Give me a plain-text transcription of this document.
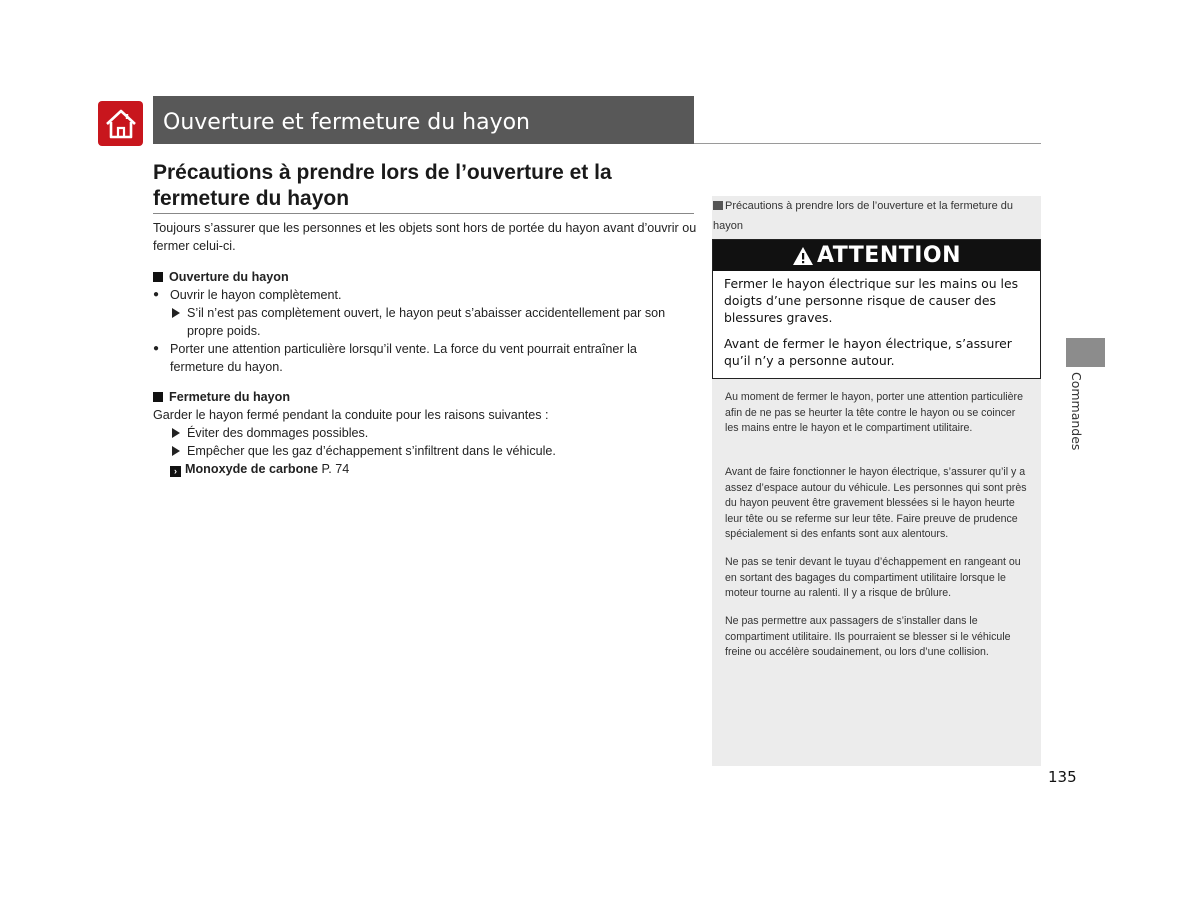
Ouverture et fermeture du hayon
Précautions à prendre lors de l’ouverture et la fermeture du hayon
Toujours s’assurer que les personnes et les objets sont hors de portée du hayon avant d’ouvrir ou fermer celui-ci.
Ouverture du hayon
● Ouvrir le hayon complètement.
S’il n’est pas complètement ouvert, le hayon peut s’abaisser accidentellement par son propre poids.
● Porter une attention particulière lorsqu’il vente. La force du vent pourrait entraîner la fermeture du hayon.
Fermeture du hayon
Garder le hayon fermé pendant la conduite pour les raisons suivantes :
Éviter des dommages possibles.
Empêcher que les gaz d’échappement s’infiltrent dans le véhicule.
› Monoxyde de carbone P. 74
Précautions à prendre lors de l’ouverture et la fermeture du hayon
ATTENTION
Fermer le hayon électrique sur les mains ou les doigts d’une personne risque de causer des blessures graves.
Avant de fermer le hayon électrique, s’assurer qu’il n’y a personne autour.
Au moment de fermer le hayon, porter une attention particulière afin de ne pas se heurter la tête contre le hayon ou se coincer les mains entre le hayon et le compartiment utilitaire.
Avant de faire fonctionner le hayon électrique, s’assurer qu’il y a assez d’espace autour du véhicule. Les personnes qui sont près du hayon peuvent être gravement blessées si le hayon heurte leur tête ou se referme sur leur tête. Faire preuve de prudence spécialement si des enfants sont aux alentours.
Ne pas se tenir devant le tuyau d’échappement en rangeant ou en sortant des bagages du compartiment utilitaire lorsque le moteur tourne au ralenti. Il y a risque de brûlure.
Ne pas permettre aux passagers de s’installer dans le compartiment utilitaire. Ils pourraient se blesser si le véhicule freine ou accélère soudainement, ou lors d’une collision.
Commandes
135
